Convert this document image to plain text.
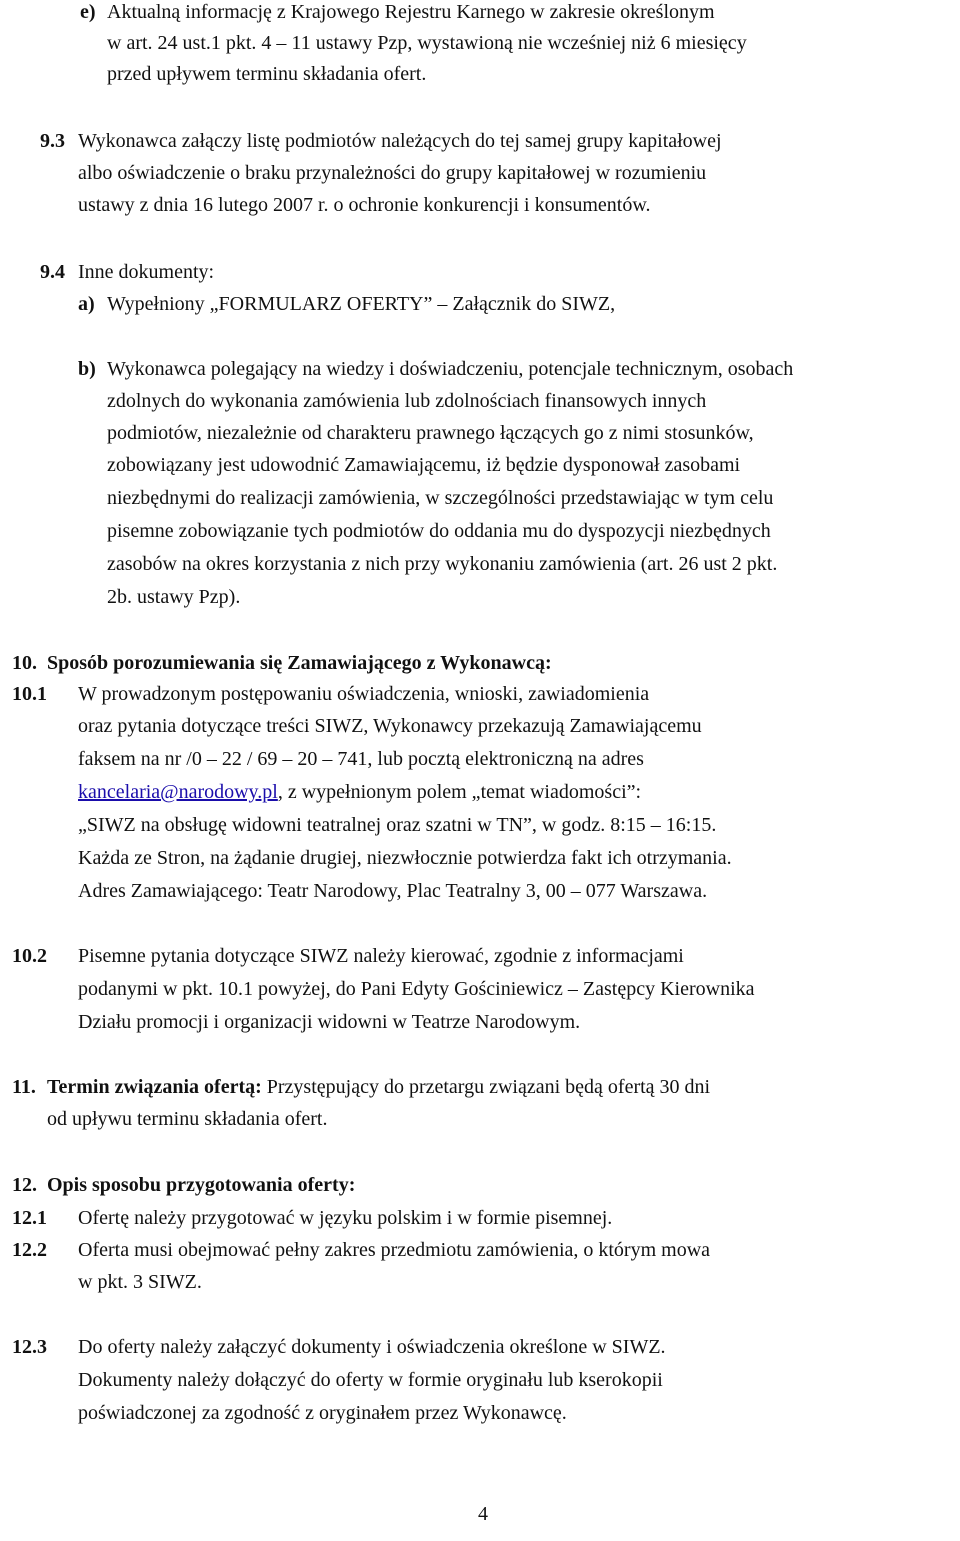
e) Aktualną informację z Krajowego Rejestru Karnego w zakresie określonym
w art. 24 ust.1 pkt. 4 – 11 ustawy Pzp, wystawioną nie wcześniej niż 6 miesięcy
przed upływem terminu składania ofert.
9.3 Wykonawca załączy listę podmiotów należących do tej samej grupy kapitałowej
albo oświadczenie o braku przynależności do grupy kapitałowej w rozumieniu
ustawy z dnia 16 lutego 2007 r. o ochronie konkurencji i konsumentów.
9.4 Inne dokumenty:
a) Wypełniony „FORMULARZ OFERTY” – Załącznik do SIWZ,
b) Wykonawca polegający na wiedzy i doświadczeniu, potencjale technicznym, osobach
zdolnych do wykonania zamówienia lub zdolnościach finansowych innych
podmiotów, niezależnie od charakteru prawnego łączących go z nimi stosunków,
zobowiązany jest udowodnić Zamawiającemu, iż będzie dysponował zasobami
niezbędnymi do realizacji zamówienia, w szczególności przedstawiając w tym celu
pisemne zobowiązanie tych podmiotów do oddania mu do dyspozycji niezbędnych
zasobów na okres korzystania z nich przy wykonaniu zamówienia (art. 26 ust 2 pkt.
2b. ustawy Pzp).
10. Sposób porozumiewania się Zamawiającego z Wykonawcą:
10.1 W prowadzonym postępowaniu oświadczenia, wnioski, zawiadomienia
oraz pytania dotyczące treści SIWZ, Wykonawcy przekazują Zamawiającemu
faksem na nr /0 – 22 / 69 – 20 – 741, lub pocztą elektroniczną na adres
kancelaria@narodowy.pl, z wypełnionym polem „temat wiadomości”:
„SIWZ na obsługę widowni teatralnej oraz szatni w TN”, w godz. 8:15 – 16:15.
Każda ze Stron, na żądanie drugiej, niezwłocznie potwierdza fakt ich otrzymania.
Adres Zamawiającego: Teatr Narodowy, Plac Teatralny 3, 00 – 077 Warszawa.
10.2 Pisemne pytania dotyczące SIWZ należy kierować, zgodnie z informacjami
podanymi w pkt. 10.1 powyżej, do Pani Edyty Gościniewicz – Zastępcy Kierownika
Działu promocji i organizacji widowni w Teatrze Narodowym.
11. Termin związania ofertą: Przystępujący do przetargu związani będą ofertą 30 dni
od upływu terminu składania ofert.
12. Opis sposobu przygotowania oferty:
12.1 Ofertę należy przygotować w języku polskim i w formie pisemnej.
12.2 Oferta musi obejmować pełny zakres przedmiotu zamówienia, o którym mowa
w pkt. 3 SIWZ.
12.3 Do oferty należy załączyć dokumenty i oświadczenia określone w SIWZ.
Dokumenty należy dołączyć do oferty w formie oryginału lub kserokopii
poświadczonej za zgodność z oryginałem przez Wykonawcę.
4
